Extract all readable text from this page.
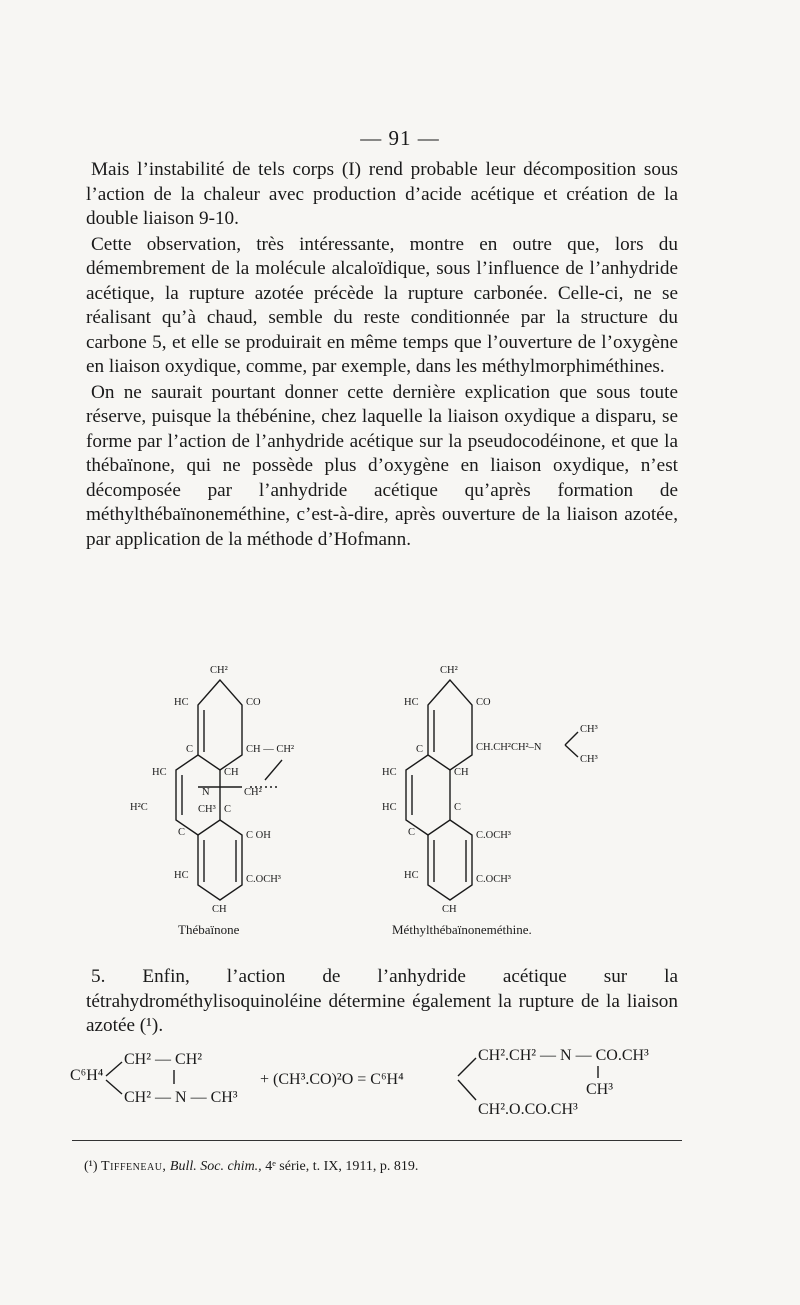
— 91 —

Mais l’instabilité de tels corps (I) rend probable leur décomposition sous l’action de la chaleur avec production d’acide acétique et création de la double liaison 9-10.

Cette observation, très intéressante, montre en outre que, lors du démembrement de la molécule alcaloïdique, sous l’influence de l’anhydride acétique, la rupture azotée précède la rupture carbonée. Celle-ci, ne se réalisant qu’à chaud, semble du reste conditionnée par la structure du carbone 5, et elle se produirait en même temps que l’ouverture de l’oxygène en liaison oxydique, comme, par exemple, dans les méthylmorphiméthines.

On ne saurait pourtant donner cette dernière explication que sous toute réserve, puisque la thébénine, chez laquelle la liaison oxydique a disparu, se forme par l’action de l’anhydride acétique sur la pseudocodéinone, et que la thébaïnone, qui ne possède plus d’oxygène en liaison oxydique, n’est décomposée par l’anhydride acétique qu’après formation de méthylthébaïnoneméthine, c’est-à-dire, après ouverture de la liaison azotée, par application de la méthode d’Hofmann.

CH²
HC	CO
C	CH — CH²
HC	CH
N	CH²
H²C	CH³ C
C	C OH
HC	C.OCH³
CH
Thébaïnone
CH²
HC	CO
C	CH.CH²CH²–N
CH³
CH³
HC	CH
HC	C
C	C.OCH³
HC	C.OCH³
CH
Méthylthébaïnoneméthine.

5. Enfin, l’action de l’anhydride acétique sur la tétrahydrométhylisoquinoléine détermine également la rupture de la liaison azotée (¹).

C⁶H⁴
CH² — CH²
CH² — N — CH³
+ (CH³.CO)²O = C⁶H⁴
CH².CH² — N — CO.CH³
CH³
CH².O.CO.CH³
(¹) Tiffeneau, Bull. Soc. chim., 4ᵉ série, t. IX, 1911, p. 819.
